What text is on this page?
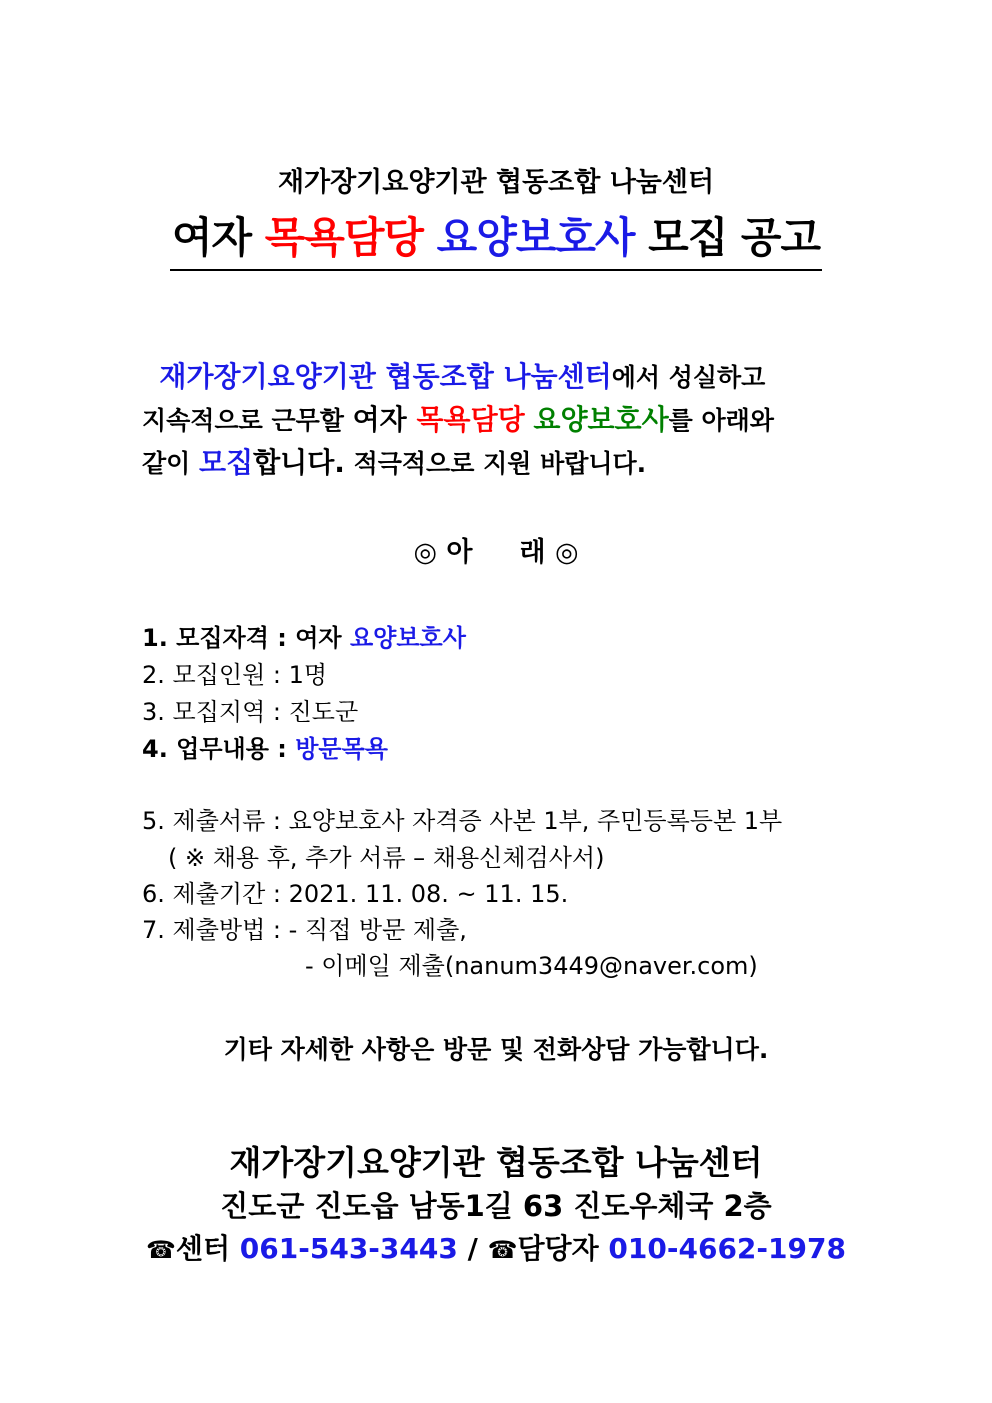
재가장기요양기관 협동조합 나눔센터
여자 목욕담당 요양보호사 모집 공고
재가장기요양기관 협동조합 나눔센터에서 성실하고
지속적으로 근무할 여자 목욕담당 요양보호사를 아래와
같이 모집합니다. 적극적으로 지원 바랍니다.
◎ 아     래 ◎
1. 모집자격 : 여자 요양보호사
2. 모집인원 : 1명
3. 모집지역 : 진도군
4. 업무내용 : 방문목욕
5. 제출서류 : 요양보호사 자격증 사본 1부, 주민등록등본 1부
( ※ 채용 후, 추가 서류 – 채용신체검사서)
6. 제출기간 : 2021. 11. 08. ~ 11. 15.
7. 제출방법 : - 직접 방문 제출,
- 이메일 제출(nanum3449@naver.com)
기타 자세한 사항은 방문 및 전화상담 가능합니다.
재가장기요양기관 협동조합 나눔센터
진도군 진도읍 남동1길 63 진도우체국 2층
☎센터 061-543-3443 / ☎담당자 010-4662-1978
